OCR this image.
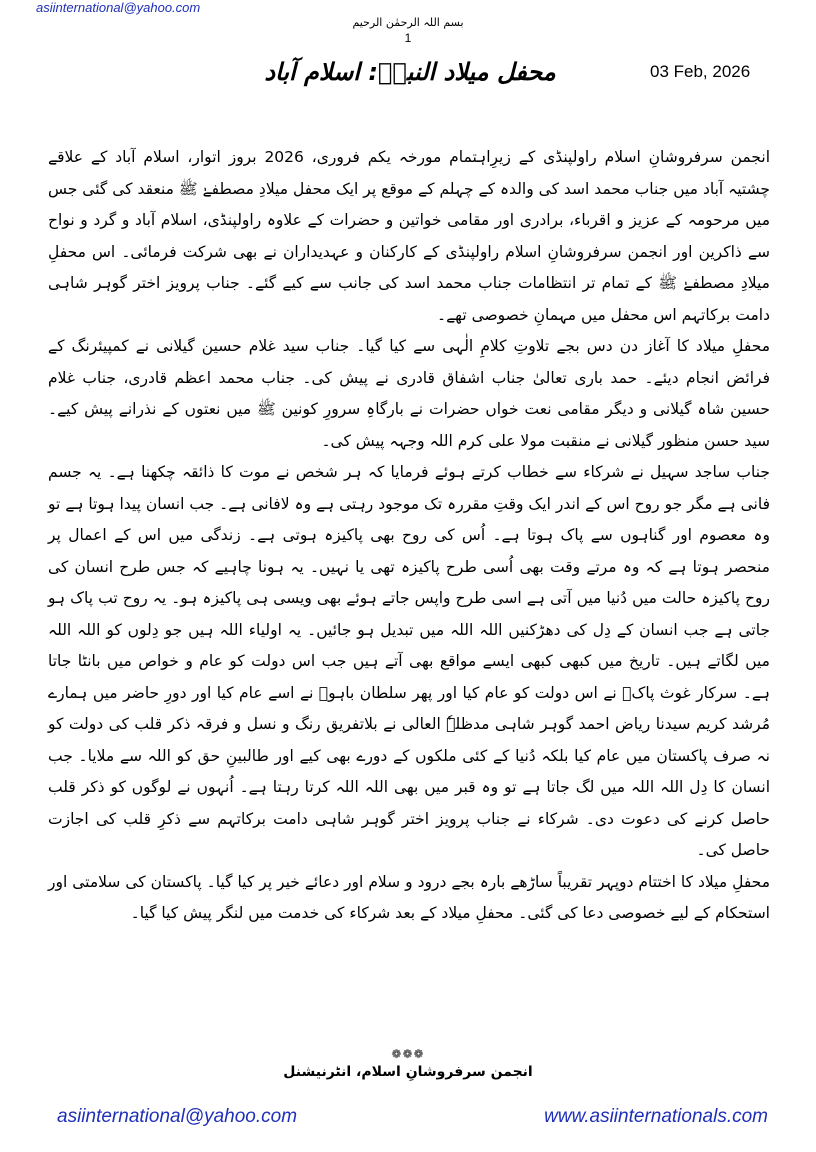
asiinternational@yahoo.com
بسم اللہ الرحمٰن الرحیم
1
03 Feb, 2026
محفل میلاد النبیؐ: اسلام آباد

انجمن سرفروشانِ اسلام راولپنڈی کے زیرِاہتمام مورخہ یکم فروری، 2026 بروز اتوار، اسلام آباد کے علاقے چشتیہ آباد میں جناب محمد اسد کی والدہ کے چہلم کے موقع پر ایک محفل میلادِ مصطفےٰ ﷺ منعقد کی گئی جس میں مرحومہ کے عزیز و اقرباء، برادری اور مقامی خواتین و حضرات کے علاوہ راولپنڈی، اسلام آباد و گرد و نواح سے ذاکرین اور انجمن سرفروشانِ اسلام راولپنڈی کے کارکنان و عہدیداران نے بھی شرکت فرمائی۔ اس محفلِ میلادِ مصطفےٰ ﷺ کے تمام تر انتظامات جناب محمد اسد کی جانب سے کیے گئے۔ جناب پرویز اختر گوہر شاہی دامت برکاتہم اس محفل میں مہمانِ خصوصی تھے۔

محفلِ میلاد کا آغاز دن دس بجے تلاوتِ کلامِ الٰہی سے کیا گیا۔ جناب سید غلام حسین گیلانی نے کمپیئرنگ کے فرائض انجام دیئے۔ حمد باری تعالیٰ جناب اشفاق قادری نے پیش کی۔ جناب محمد اعظم قادری، جناب غلام حسین شاہ گیلانی و دیگر مقامی نعت خواں حضرات نے بارگاہِ سرورِ کونین ﷺ میں نعتوں کے نذرانے پیش کیے۔ سید حسن منظور گیلانی نے منقبت مولا علی کرم اللہ وجہہ پیش کی۔

جناب ساجد سہیل نے شرکاء سے خطاب کرتے ہوئے فرمایا کہ ہر شخص نے موت کا ذائقہ چکھنا ہے۔ یہ جسم فانی ہے مگر جو روح اس کے اندر ایک وقتِ مقررہ تک موجود رہتی ہے وہ لافانی ہے۔ جب انسان پیدا ہوتا ہے تو وہ معصوم اور گناہوں سے پاک ہوتا ہے۔ اُس کی روح بھی پاکیزہ ہوتی ہے۔ زندگی میں اس کے اعمال پر منحصر ہوتا ہے کہ وہ مرتے وقت بھی اُسی طرح پاکیزہ تھی یا نہیں۔ یہ ہونا چاہیے کہ جس طرح انسان کی روح پاکیزہ حالت میں دُنیا میں آتی ہے اسی طرح واپس جاتے ہوئے بھی ویسی ہی پاکیزہ ہو۔ یہ روح تب پاک ہو جاتی ہے جب انسان کے دِل کی دھڑکنیں اللہ اللہ میں تبدیل ہو جائیں۔ یہ اولیاء اللہ ہیں جو دِلوں کو اللہ اللہ میں لگاتے ہیں۔ تاریخ میں کبھی کبھی ایسے مواقع بھی آتے ہیں جب اس دولت کو عام و خواص میں بانٹا جاتا ہے۔ سرکار غوث پاکؒ نے اس دولت کو عام کیا اور پھر سلطان باہوؒ نے اسے عام کیا اور دورِ حاضر میں ہمارے مُرشد کریم سیدنا ریاض احمد گوہر شاہی مدظلہٗ العالی نے بلاتفریق رنگ و نسل و فرقہ ذکر قلب کی دولت کو نہ صرف پاکستان میں عام کیا بلکہ دُنیا کے کئی ملکوں کے دورے بھی کیے اور طالبینِ حق کو اللہ سے ملایا۔ جب انسان کا دِل اللہ اللہ میں لگ جاتا ہے تو وہ قبر میں بھی اللہ اللہ کرتا رہتا ہے۔ اُنہوں نے لوگوں کو ذکر قلب حاصل کرنے کی دعوت دی۔ شرکاء نے جناب پرویز اختر گوہر شاہی دامت برکاتہم سے ذکرِ قلب کی اجازت حاصل کی۔

محفلِ میلاد کا اختتام دوپہر تقریباً ساڑھے بارہ بجے درود و سلام اور دعائے خیر پر کیا گیا۔ پاکستان کی سلامتی اور استحکام کے لیے خصوصی دعا کی گئی۔ محفلِ میلاد کے بعد شرکاء کی خدمت میں لنگر پیش کیا گیا۔

❁❁❁
انجمن سرفروشانِ اسلام، انٹرنیشنل
asiinternational@yahoo.com	www.asiinternationals.com
